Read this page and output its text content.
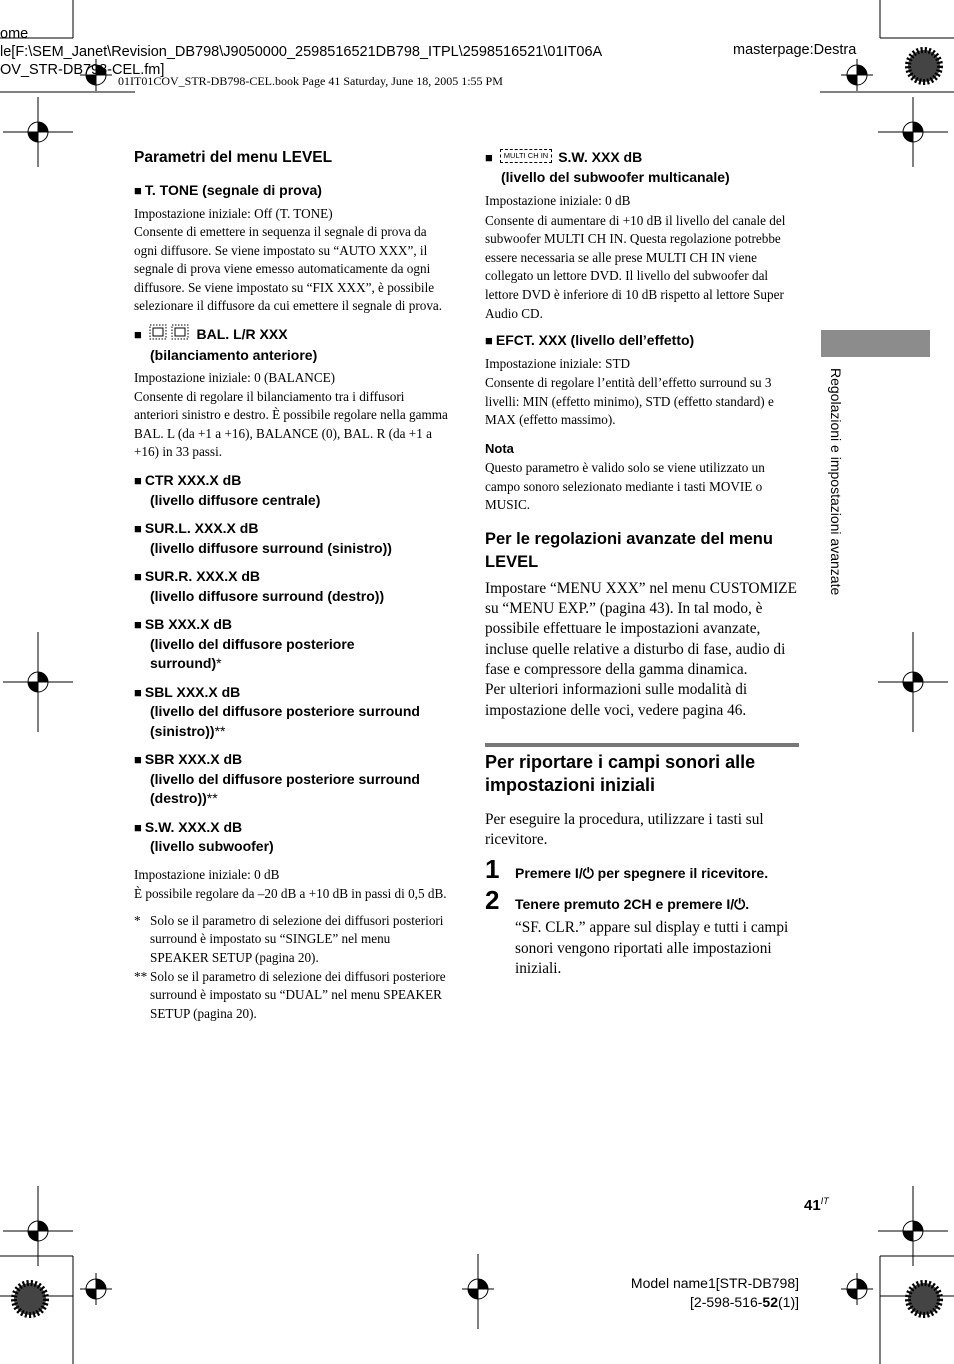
ome
le[F:\SEM_Janet\Revision_DB798\J9050000_2598516521DB798_ITPL\2598516521\01IT06A
OV_STR-DB798-CEL.fm]
masterpage:Destra
01IT01COV_STR-DB798-CEL.book Page 41 Saturday, June 18, 2005 1:55 PM
Parametri del menu LEVEL
■ T. TONE (segnale di prova)
Impostazione iniziale: Off (T. TONE)
Consente di emettere in sequenza il segnale di prova da ogni diffusore. Se viene impostato su “AUTO XXX”, il segnale di prova viene emesso automaticamente da ogni diffusore. Se viene impostato su “FIX XXX”, è possibile selezionare il diffusore da cui emettere il segnale di prova.
■	BAL. L/R XXX
(bilanciamento anteriore)
Impostazione iniziale: 0 (BALANCE)
Consente di regolare il bilanciamento tra i diffusori anteriori sinistro e destro. È possibile regolare nella gamma BAL. L (da +1 a +16), BALANCE (0), BAL. R (da +1 a +16) in 33 passi.
■ CTR XXX.X dB
(livello diffusore centrale)
■ SUR.L. XXX.X dB
(livello diffusore surround (sinistro))
■ SUR.R. XXX.X dB
(livello diffusore surround (destro))
■ SB XXX.X dB
(livello del diffusore posteriore
surround)*
■ SBL XXX.X dB
(livello del diffusore posteriore surround
(sinistro))**
■ SBR XXX.X dB
(livello del diffusore posteriore surround
(destro))**
■ S.W. XXX.X dB
(livello subwoofer)
Impostazione iniziale: 0 dB
È possibile regolare da –20 dB a +10 dB in passi di 0,5 dB.
* Solo se il parametro di selezione dei diffusori posteriori surround è impostato su “SINGLE” nel menu SPEAKER SETUP (pagina 20).
** Solo se il parametro di selezione dei diffusori posteriore surround è impostato su “DUAL” nel menu SPEAKER SETUP (pagina 20).
■ MULTI CH IN S.W. XXX dB
(livello del subwoofer multicanale)
Impostazione iniziale: 0 dB
Consente di aumentare di +10 dB il livello del canale del subwoofer MULTI CH IN. Questa regolazione potrebbe essere necessaria se alle prese MULTI CH IN viene collegato un lettore DVD. Il livello del subwoofer dal lettore DVD è inferiore di 10 dB rispetto al lettore Super Audio CD.
■ EFCT. XXX (livello dell’effetto)
Impostazione iniziale: STD
Consente di regolare l’entità dell’effetto surround su 3 livelli: MIN (effetto minimo), STD (effetto standard) e MAX (effetto massimo).
Nota
Questo parametro è valido solo se viene utilizzato un campo sonoro selezionato mediante i tasti MOVIE o MUSIC.
Per le regolazioni avanzate del menu LEVEL
Impostare “MENU XXX” nel menu CUSTOMIZE su “MENU EXP.” (pagina 43). In tal modo, è possibile effettuare le impostazioni avanzate, incluse quelle relative a disturbo di fase, audio di fase e compressore della gamma dinamica.
Per ulteriori informazioni sulle modalità di impostazione delle voci, vedere pagina 46.
Per riportare i campi sonori alle impostazioni iniziali
Per eseguire la procedura, utilizzare i tasti sul ricevitore.
1	Premere I/⏻ per spegnere il ricevitore.
2	Tenere premuto 2CH e premere I/⏻.
“SF. CLR.” appare sul display e tutti i campi sonori vengono riportati alle impostazioni iniziali.
Regolazioni e impostazioni avanzate
$41^{IT}$
Model name1[STR-DB798]
[2-598-516-52(1)]
